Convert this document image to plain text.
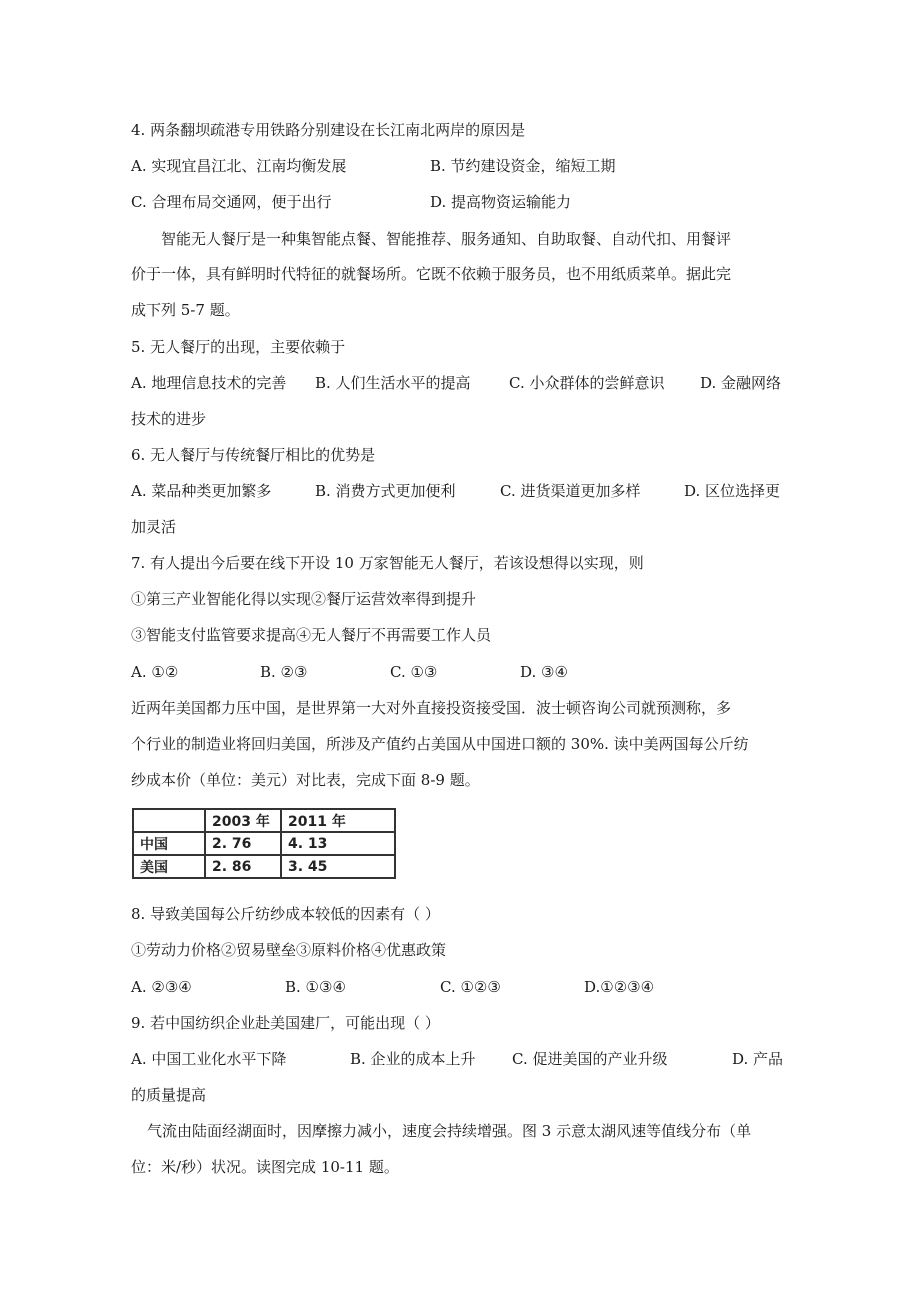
4. 两条翻坝疏港专用铁路分别建设在长江南北两岸的原因是
A. 实现宜昌江北、江南均衡发展	B. 节约建设资金，缩短工期
C. 合理布局交通网，便于出行	D. 提高物资运输能力
智能无人餐厅是一种集智能点餐、智能推荐、服务通知、自助取餐、自动代扣、用餐评
价于一体，具有鲜明时代特征的就餐场所。它既不依赖于服务员，也不用纸质菜单。据此完
成下列 5-7 题。
5. 无人餐厅的出现，主要依赖于
A. 地理信息技术的完善 B. 人们生活水平的提高	C. 小众群体的尝鲜意识 D. 金融网络
技术的进步
6. 无人餐厅与传统餐厅相比的优势是
A. 菜品种类更加繁多	B. 消费方式更加便利	C. 进货渠道更加多样	D. 区位选择更
加灵活
7. 有人提出今后要在线下开设 10 万家智能无人餐厅，若该设想得以实现，则
①第三产业智能化得以实现②餐厅运营效率得到提升
③智能支付监管要求提高④无人餐厅不再需要工作人员
A. ①②	B. ②③	C. ①③	D. ③④
近两年美国都力压中国，是世界第一大对外直接投资接受国．波士顿咨询公司就预测称，多
个行业的制造业将回归美国，所涉及产值约占美国从中国进口额的 30%. 读中美两国每公斤纺
纱成本价（单位：美元）对比表，完成下面 8-9 题。
	2003 年	2011 年
中国	2. 76	4. 13
美国	2. 86	3. 45
8. 导致美国每公斤纺纱成本较低的因素有（ ）
①劳动力价格②贸易壁垒③原料价格④优惠政策
A. ②③④	B. ①③④	C. ①②③	D.①②③④
9. 若中国纺织企业赴美国建厂，可能出现（ ）
A. 中国工业化水平下降	B. 企业的成本上升 C. 促进美国的产业升级	D. 产品
的质量提高
气流由陆面经湖面时，因摩擦力减小，速度会持续增强。图 3 示意太湖风速等值线分布（单
位：米/秒）状况。读图完成 10-11 题。
